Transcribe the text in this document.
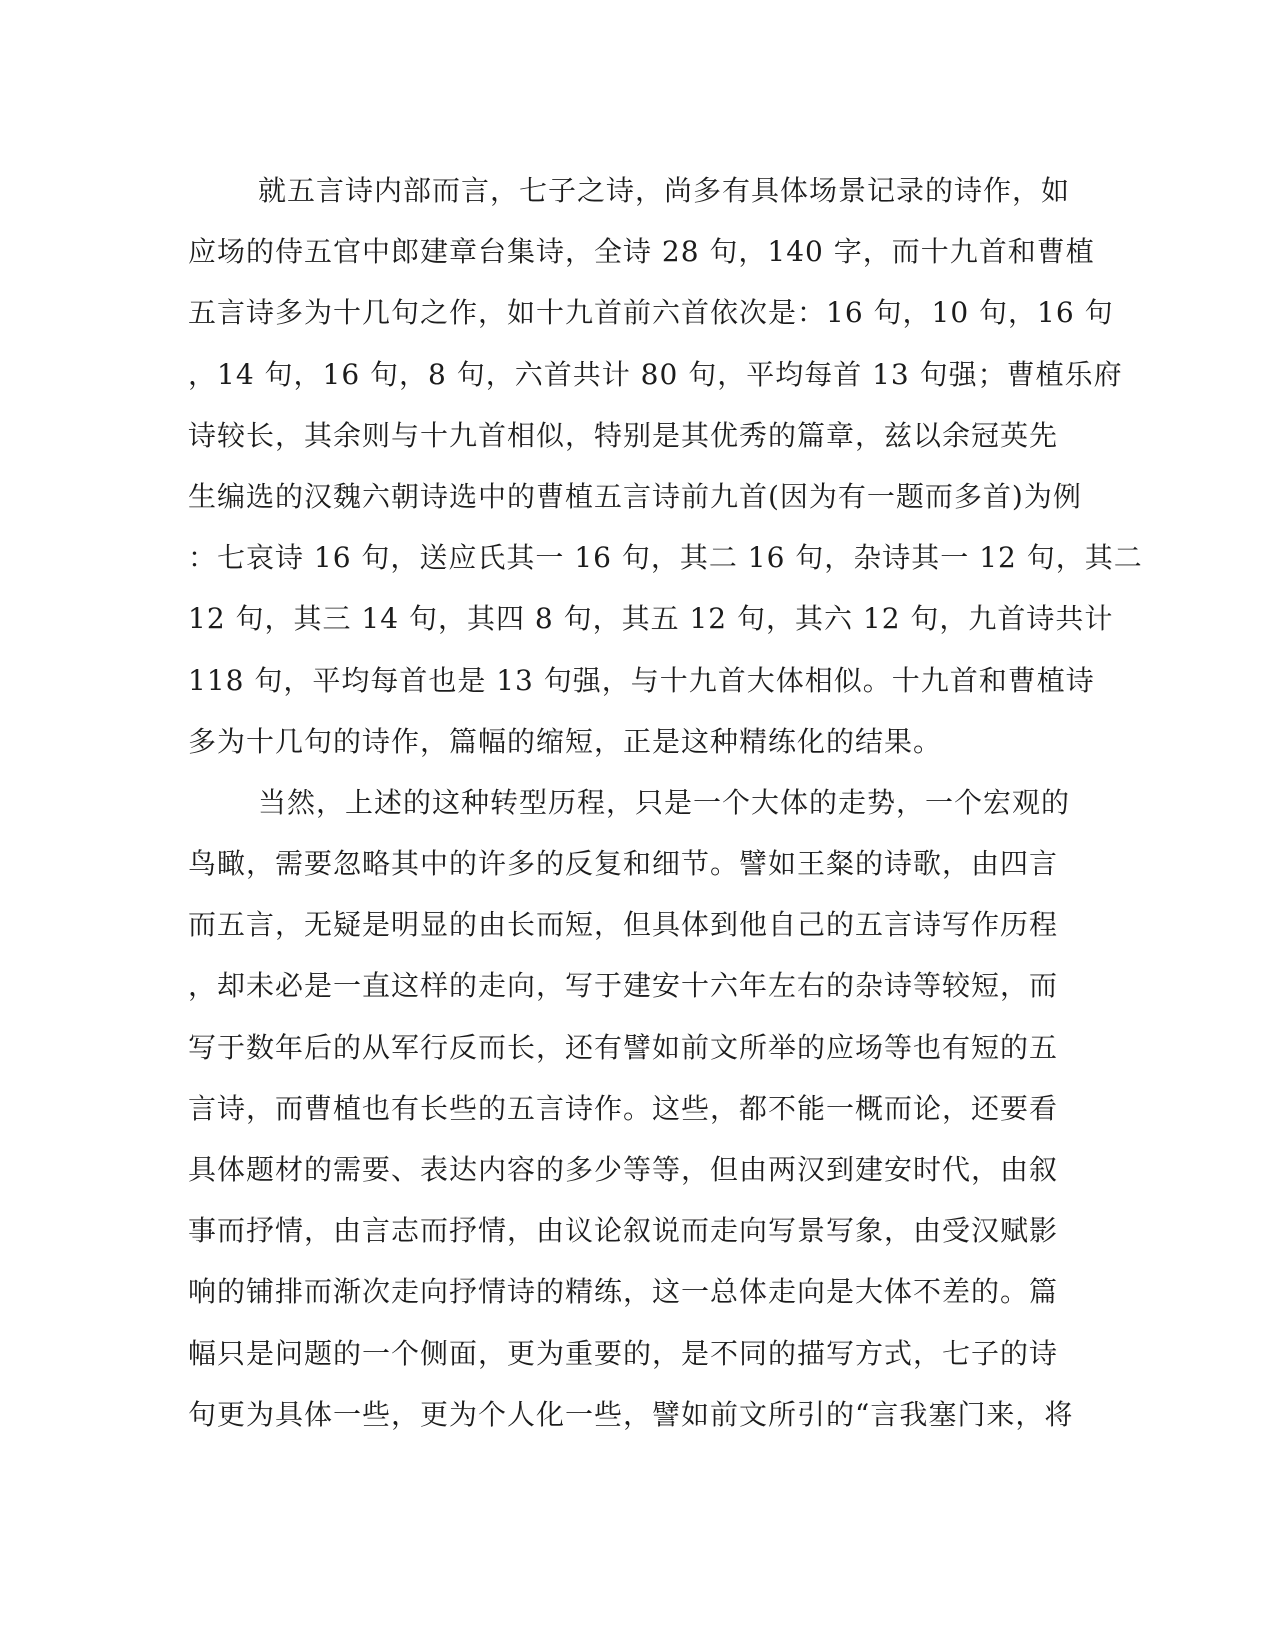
就五言诗内部而言，七子之诗，尚多有具体场景记录的诗作，如
应场的侍五官中郎建章台集诗，全诗 28 句，140 字，而十九首和曹植
五言诗多为十几句之作，如十九首前六首依次是：16 句，10 句，16 句
，14 句，16 句，8 句，六首共计 80 句，平均每首 13 句强；曹植乐府
诗较长，其余则与十九首相似，特别是其优秀的篇章，兹以余冠英先
生编选的汉魏六朝诗选中的曹植五言诗前九首(因为有一题而多首)为例
：七哀诗 16 句，送应氏其一 16 句，其二 16 句，杂诗其一 12 句，其二
12 句，其三 14 句，其四 8 句，其五 12 句，其六 12 句，九首诗共计
118 句，平均每首也是 13 句强，与十九首大体相似。十九首和曹植诗
多为十几句的诗作，篇幅的缩短，正是这种精练化的结果。
当然，上述的这种转型历程，只是一个大体的走势，一个宏观的
鸟瞰，需要忽略其中的许多的反复和细节。譬如王粲的诗歌，由四言
而五言，无疑是明显的由长而短，但具体到他自己的五言诗写作历程
，却未必是一直这样的走向，写于建安十六年左右的杂诗等较短，而
写于数年后的从军行反而长，还有譬如前文所举的应场等也有短的五
言诗，而曹植也有长些的五言诗作。这些，都不能一概而论，还要看
具体题材的需要、表达内容的多少等等，但由两汉到建安时代，由叙
事而抒情，由言志而抒情，由议论叙说而走向写景写象，由受汉赋影
响的铺排而渐次走向抒情诗的精练，这一总体走向是大体不差的。篇
幅只是问题的一个侧面，更为重要的，是不同的描写方式，七子的诗
句更为具体一些，更为个人化一些，譬如前文所引的“言我塞门来，将
